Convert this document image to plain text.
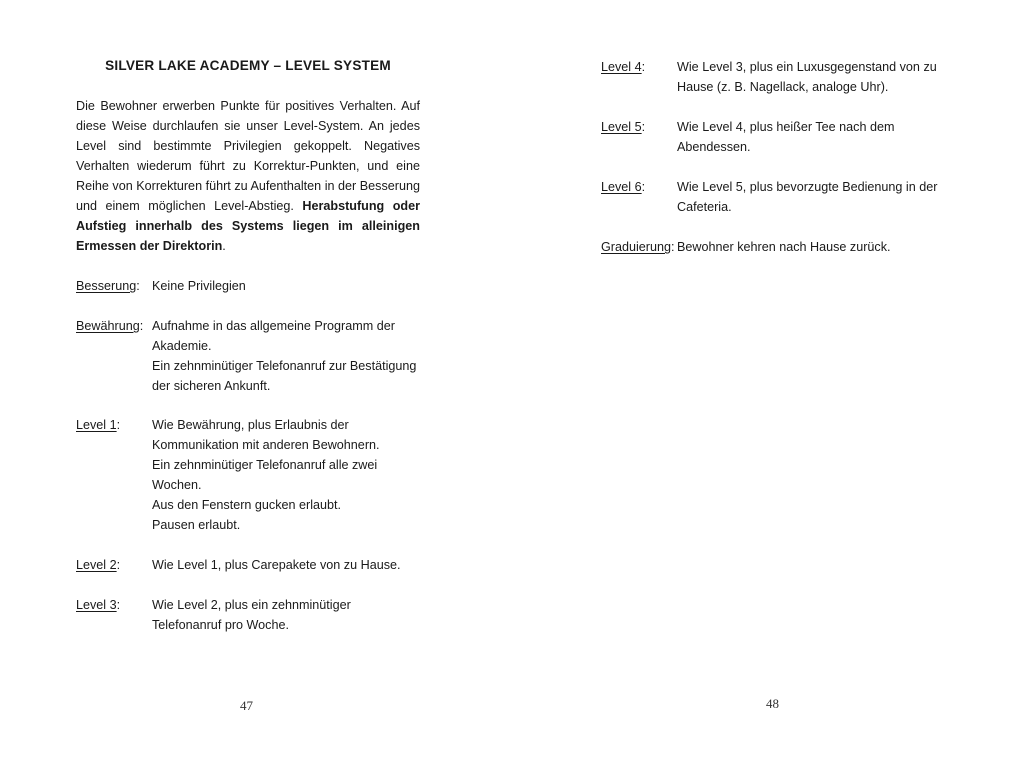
SILVER LAKE ACADEMY – LEVEL SYSTEM

Die Bewohner erwerben Punkte für positives Verhalten. Auf diese Weise durchlaufen sie unser Level-System. An jedes Level sind bestimmte Privilegien gekoppelt. Negatives Verhalten wiederum führt zu Korrektur-Punkten, und eine Reihe von Korrekturen führt zu Aufenthalten in der Besserung und einem möglichen Level-Abstieg. Herabstufung oder Aufstieg innerhalb des Systems liegen im alleinigen Ermessen der Direktorin.

Besserung: Keine Privilegien
Bewährung: Aufnahme in das allgemeine Programm der Akademie.
Ein zehnminütiger Telefonanruf zur Bestätigung der sicheren Ankunft.
Level 1:	Wie Bewährung, plus Erlaubnis der Kommunikation mit anderen Bewohnern.
Ein zehnminütiger Telefonanruf alle zwei Wochen.
Aus den Fenstern gucken erlaubt.
Pausen erlaubt.
Level 2:	Wie Level 1, plus Carepakete von zu Hause.
Level 3:	Wie Level 2, plus ein zehnminütiger Telefonanruf pro Woche.
47
Level 4:	Wie Level 3, plus ein Luxusgegenstand von zu Hause (z. B. Nagellack, analoge Uhr).
Level 5:	Wie Level 4, plus heißer Tee nach dem Abendessen.
Level 6:	Wie Level 5, plus bevorzugte Bedienung in der Cafeteria.
Graduierung: Bewohner kehren nach Hause zurück.
48
